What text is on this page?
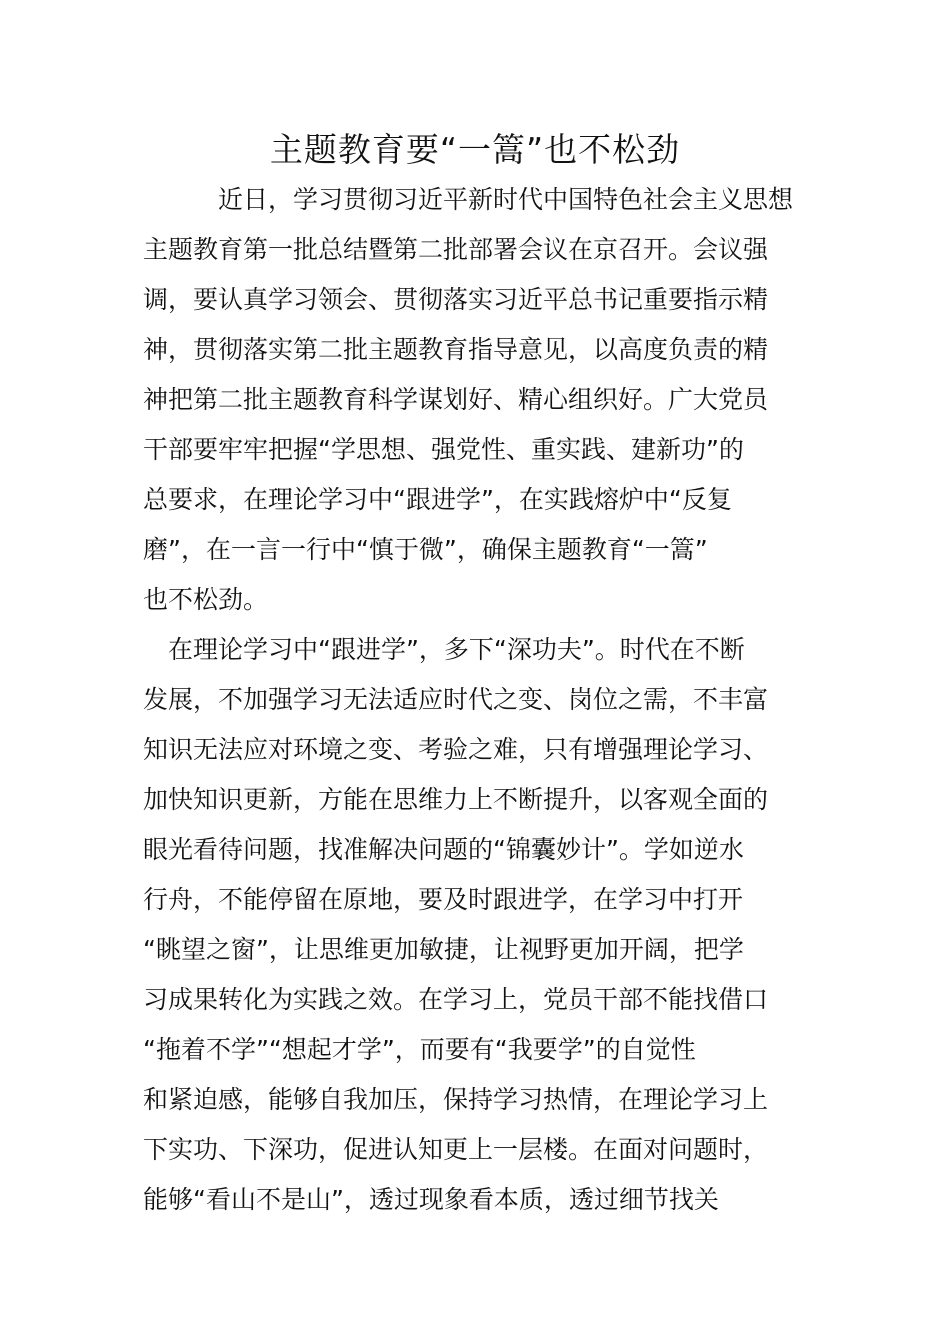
主题教育要“一篙”也不松劲

近日，学习贯彻习近平新时代中国特色社会主义思想

主题教育第一批总结暨第二批部署会议在京召开。会议强

调，要认真学习领会、贯彻落实习近平总书记重要指示精

神，贯彻落实第二批主题教育指导意见，以高度负责的精

神把第二批主题教育科学谋划好、精心组织好。广大党员

干部要牢牢把握“学思想、强党性、重实践、建新功”的

总要求，在理论学习中“跟进学”，在实践熔炉中“反复

磨”，在一言一行中“慎于微”，确保主题教育“一篙”

也不松劲。

在理论学习中“跟进学”，多下“深功夫”。时代在不断

发展，不加强学习无法适应时代之变、岗位之需，不丰富

知识无法应对环境之变、考验之难，只有增强理论学习、

加快知识更新，方能在思维力上不断提升，以客观全面的

眼光看待问题，找准解决问题的“锦囊妙计”。学如逆水

行舟，不能停留在原地，要及时跟进学，在学习中打开

“眺望之窗”，让思维更加敏捷，让视野更加开阔，把学

习成果转化为实践之效。在学习上，党员干部不能找借口

“拖着不学”“想起才学”，而要有“我要学”的自觉性

和紧迫感，能够自我加压，保持学习热情，在理论学习上

下实功、下深功，促进认知更上一层楼。在面对问题时，

能够“看山不是山”，透过现象看本质，透过细节找关
